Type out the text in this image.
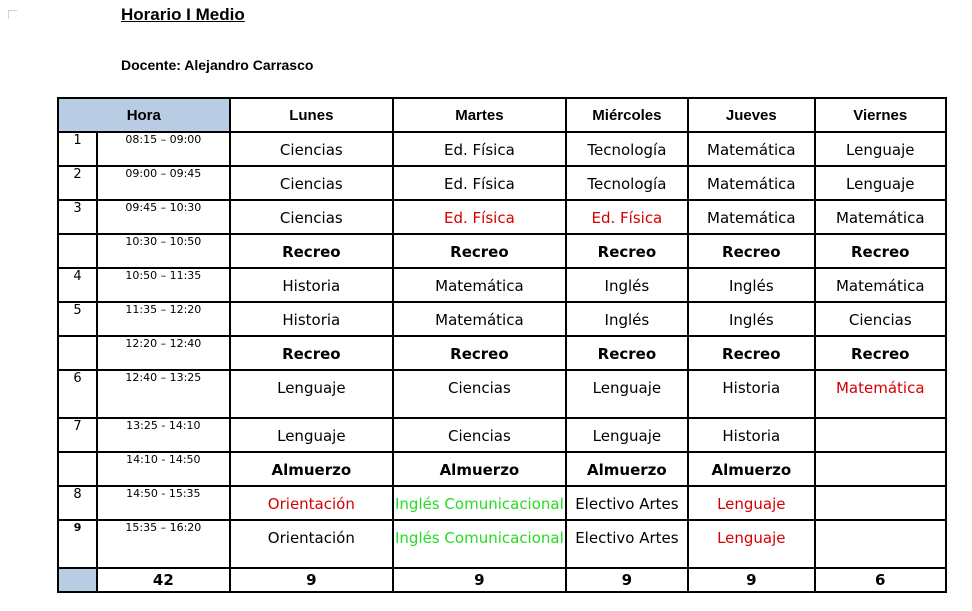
Horario I Medio
Docente: Alejandro Carrasco
Hora		Lunes	Martes	Miércoles	Jueves	Viernes
1	08:15 – 09:00	Ciencias	Ed. Física	Tecnología	Matemática	Lenguaje
2	09:00 – 09:45	Ciencias	Ed. Física	Tecnología	Matemática	Lenguaje
3	09:45 – 10:30	Ciencias	Ed. Física	Ed. Física	Matemática	Matemática
	10:30 – 10:50	Recreo	Recreo	Recreo	Recreo	Recreo
4	10:50 – 11:35	Historia	Matemática	Inglés	Inglés	Matemática
5	11:35 – 12:20	Historia	Matemática	Inglés	Inglés	Ciencias
	12:20 – 12:40	Recreo	Recreo	Recreo	Recreo	Recreo
6	12:40 – 13:25	Lenguaje	Ciencias	Lenguaje	Historia	Matemática
7	13:25 - 14:10	Lenguaje	Ciencias	Lenguaje	Historia	
	14:10 - 14:50	Almuerzo	Almuerzo	Almuerzo	Almuerzo	
8	14:50 - 15:35	Orientación	Inglés Comunicacional	Electivo Artes	Lenguaje	
9	15:35 – 16:20	Orientación	Inglés Comunicacional	Electivo Artes	Lenguaje	
	42	9	9	9	9	6
